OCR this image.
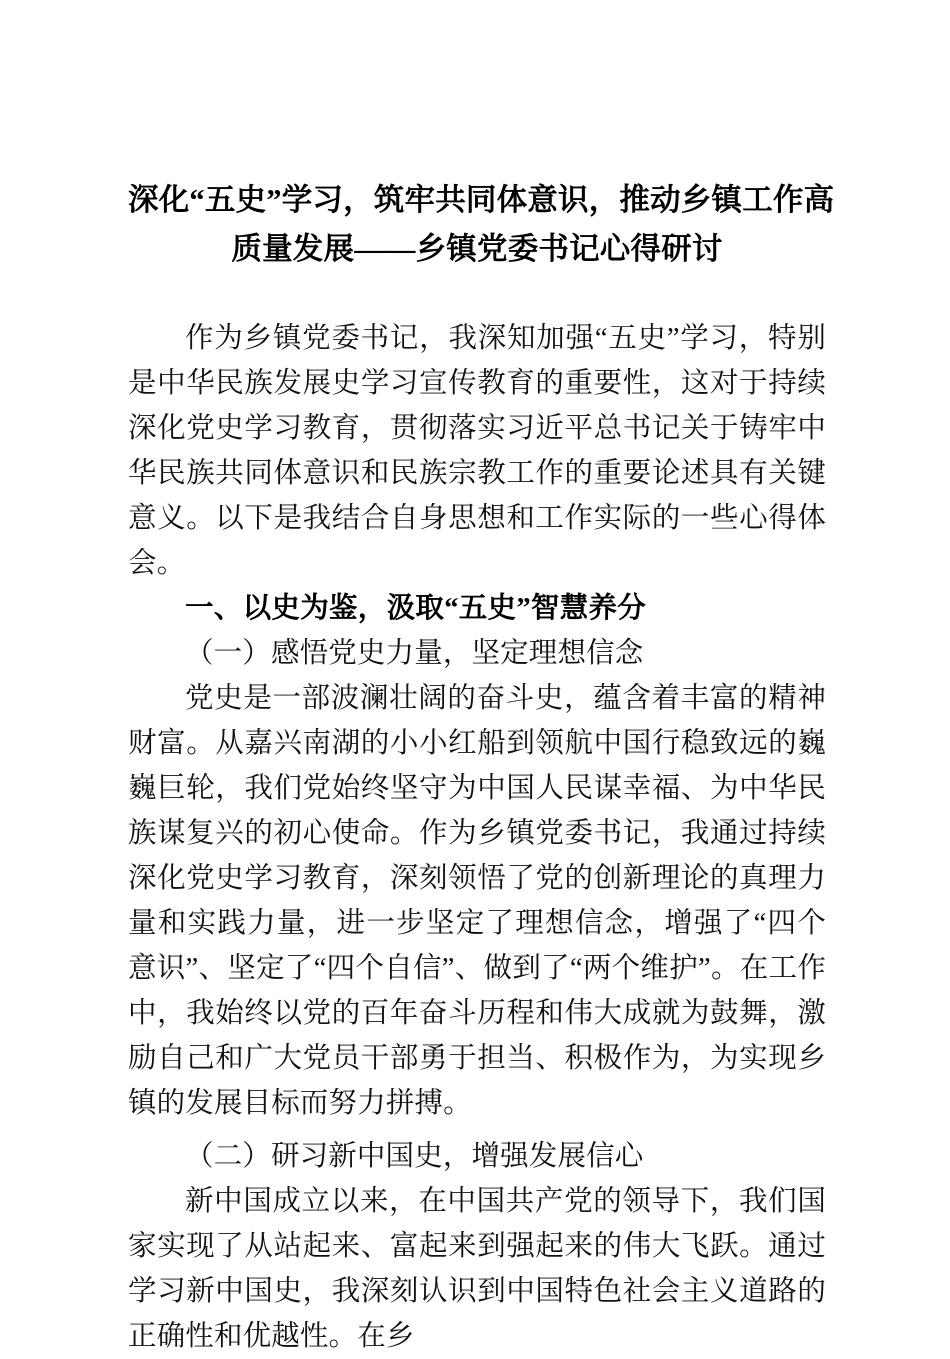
深化“五史”学习，筑牢共同体意识，推动乡镇工作高
质量发展——乡镇党委书记心得研讨

作为乡镇党委书记，我深知加强“五史”学习，特别是中华民族发展史学习宣传教育的重要性，这对于持续深化党史学习教育，贯彻落实习近平总书记关于铸牢中华民族共同体意识和民族宗教工作的重要论述具有关键意义。以下是我结合自身思想和工作实际的一些心得体会。

一、以史为鉴，汲取“五史”智慧养分

（一）感悟党史力量，坚定理想信念

党史是一部波澜壮阔的奋斗史，蕴含着丰富的精神财富。从嘉兴南湖的小小红船到领航中国行稳致远的巍巍巨轮，我们党始终坚守为中国人民谋幸福、为中华民族谋复兴的初心使命。作为乡镇党委书记，我通过持续深化党史学习教育，深刻领悟了党的创新理论的真理力量和实践力量，进一步坚定了理想信念，增强了“四个意识”、坚定了“四个自信”、做到了“两个维护”。在工作中，我始终以党的百年奋斗历程和伟大成就为鼓舞，激励自己和广大党员干部勇于担当、积极作为，为实现乡镇的发展目标而努力拼搏。

（二）研习新中国史，增强发展信心

新中国成立以来，在中国共产党的领导下，我们国家实现了从站起来、富起来到强起来的伟大飞跃。通过学习新中国史，我深刻认识到中国特色社会主义道路的正确性和优越性。在乡
